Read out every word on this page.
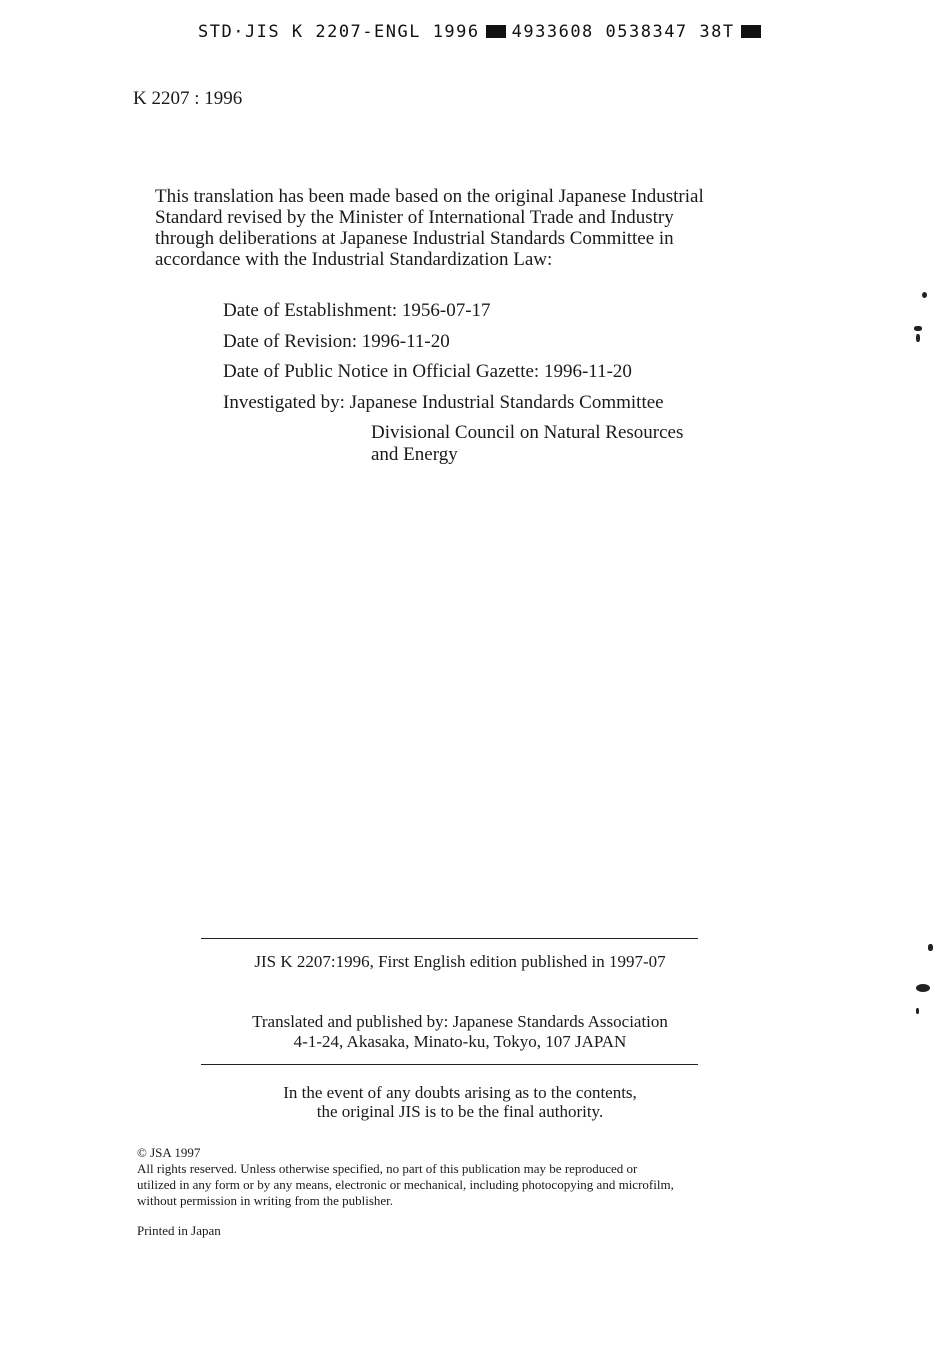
STD·JIS K 2207-ENGL 1996 4933608 0538347 38T
K 2207 : 1996
This translation has been made based on the original Japanese Industrial
Standard revised by the Minister of International Trade and Industry
through deliberations at Japanese Industrial Standards Committee in
accordance with the Industrial Standardization Law:
Date of Establishment: 1956-07-17
Date of Revision: 1996-11-20
Date of Public Notice in Official Gazette: 1996-11-20
Investigated by: Japanese Industrial Standards Committee
Divisional Council on Natural Resources
and Energy
JIS K 2207:1996, First English edition published in 1997-07
Translated and published by: Japanese Standards Association
4-1-24, Akasaka, Minato-ku, Tokyo, 107 JAPAN
In the event of any doubts arising as to the contents,
the original JIS is to be the final authority.
© JSA 1997
All rights reserved. Unless otherwise specified, no part of this publication may be reproduced or
utilized in any form or by any means, electronic or mechanical, including photocopying and microfilm,
without permission in writing from the publisher.
Printed in Japan
